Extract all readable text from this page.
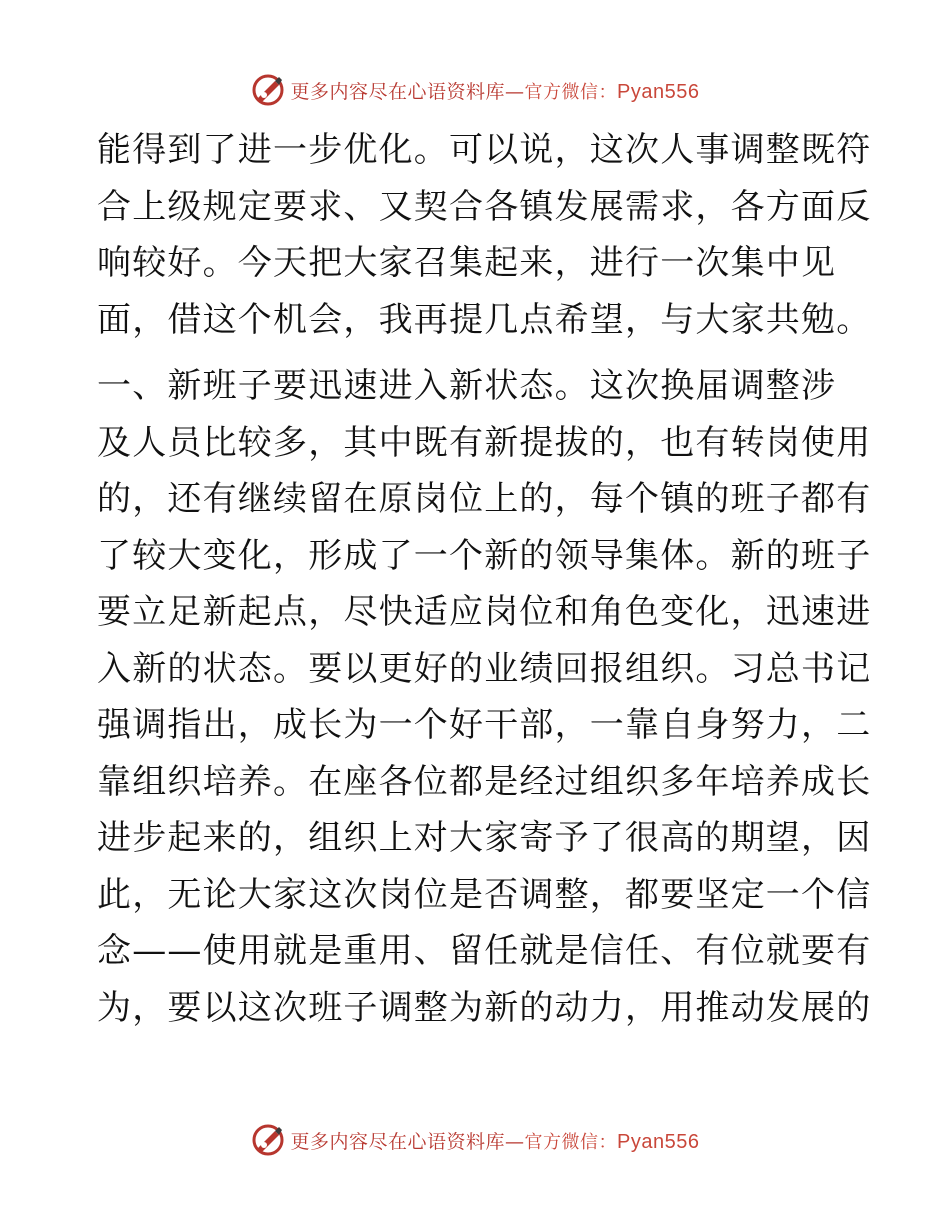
更多内容尽在心语资料库—官方微信：Pyan556
能得到了进一步优化。可以说，这次人事调整既符
合上级规定要求、又契合各镇发展需求，各方面反
响较好。今天把大家召集起来，进行一次集中见
面，借这个机会，我再提几点希望，与大家共勉。
一、新班子要迅速进入新状态。这次换届调整涉
及人员比较多，其中既有新提拔的，也有转岗使用
的，还有继续留在原岗位上的，每个镇的班子都有
了较大变化，形成了一个新的领导集体。新的班子
要立足新起点，尽快适应岗位和角色变化，迅速进
入新的状态。要以更好的业绩回报组织。习总书记
强调指出，成长为一个好干部，一靠自身努力，二
靠组织培养。在座各位都是经过组织多年培养成长
进步起来的，组织上对大家寄予了很高的期望，因
此，无论大家这次岗位是否调整，都要坚定一个信
念——使用就是重用、留任就是信任、有位就要有
为，要以这次班子调整为新的动力，用推动发展的
更多内容尽在心语资料库—官方微信：Pyan556
